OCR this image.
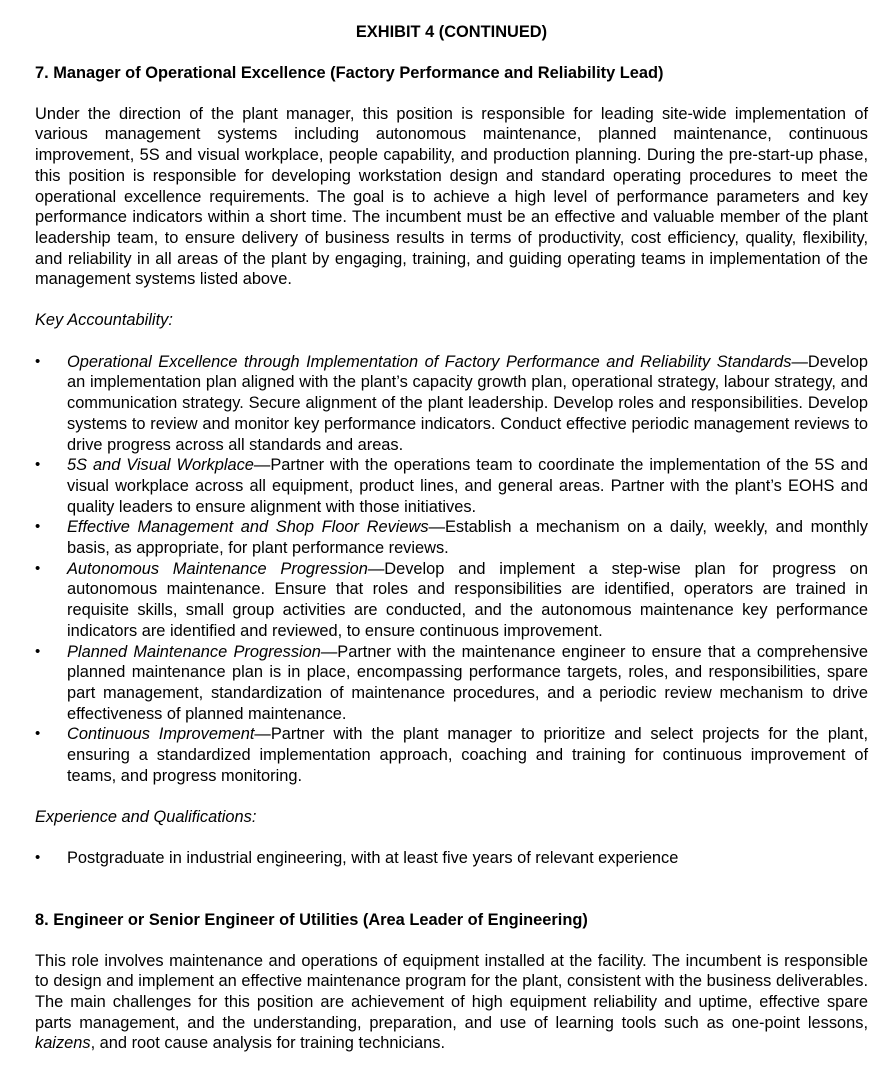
EXHIBIT 4 (CONTINUED)
7. Manager of Operational Excellence (Factory Performance and Reliability Lead)

Under the direction of the plant manager, this position is responsible for leading site-wide implementation of various management systems including autonomous maintenance, planned maintenance, continuous improvement, 5S and visual workplace, people capability, and production planning. During the pre-start-up phase, this position is responsible for developing workstation design and standard operating procedures to meet the operational excellence requirements. The goal is to achieve a high level of performance parameters and key performance indicators within a short time. The incumbent must be an effective and valuable member of the plant leadership team, to ensure delivery of business results in terms of productivity, cost efficiency, quality, flexibility, and reliability in all areas of the plant by engaging, training, and guiding operating teams in implementation of the management systems listed above.

Key Accountability:
• Operational Excellence through Implementation of Factory Performance and Reliability Standards—Develop an implementation plan aligned with the plant’s capacity growth plan, operational strategy, labour strategy, and communication strategy. Secure alignment of the plant leadership. Develop roles and responsibilities. Develop systems to review and monitor key performance indicators. Conduct effective periodic management reviews to drive progress across all standards and areas.
• 5S and Visual Workplace—Partner with the operations team to coordinate the implementation of the 5S and visual workplace across all equipment, product lines, and general areas. Partner with the plant’s EOHS and quality leaders to ensure alignment with those initiatives.
• Effective Management and Shop Floor Reviews—Establish a mechanism on a daily, weekly, and monthly basis, as appropriate, for plant performance reviews.
• Autonomous Maintenance Progression—Develop and implement a step-wise plan for progress on autonomous maintenance. Ensure that roles and responsibilities are identified, operators are trained in requisite skills, small group activities are conducted, and the autonomous maintenance key performance indicators are identified and reviewed, to ensure continuous improvement.
• Planned Maintenance Progression—Partner with the maintenance engineer to ensure that a comprehensive planned maintenance plan is in place, encompassing performance targets, roles, and responsibilities, spare part management, standardization of maintenance procedures, and a periodic review mechanism to drive effectiveness of planned maintenance.
• Continuous Improvement—Partner with the plant manager to prioritize and select projects for the plant, ensuring a standardized implementation approach, coaching and training for continuous improvement of teams, and progress monitoring.
Experience and Qualifications:
• Postgraduate in industrial engineering, with at least five years of relevant experience
8. Engineer or Senior Engineer of Utilities (Area Leader of Engineering)

This role involves maintenance and operations of equipment installed at the facility. The incumbent is responsible to design and implement an effective maintenance program for the plant, consistent with the business deliverables. The main challenges for this position are achievement of high equipment reliability and uptime, effective spare parts management, and the understanding, preparation, and use of learning tools such as one-point lessons, kaizens, and root cause analysis for training technicians.
